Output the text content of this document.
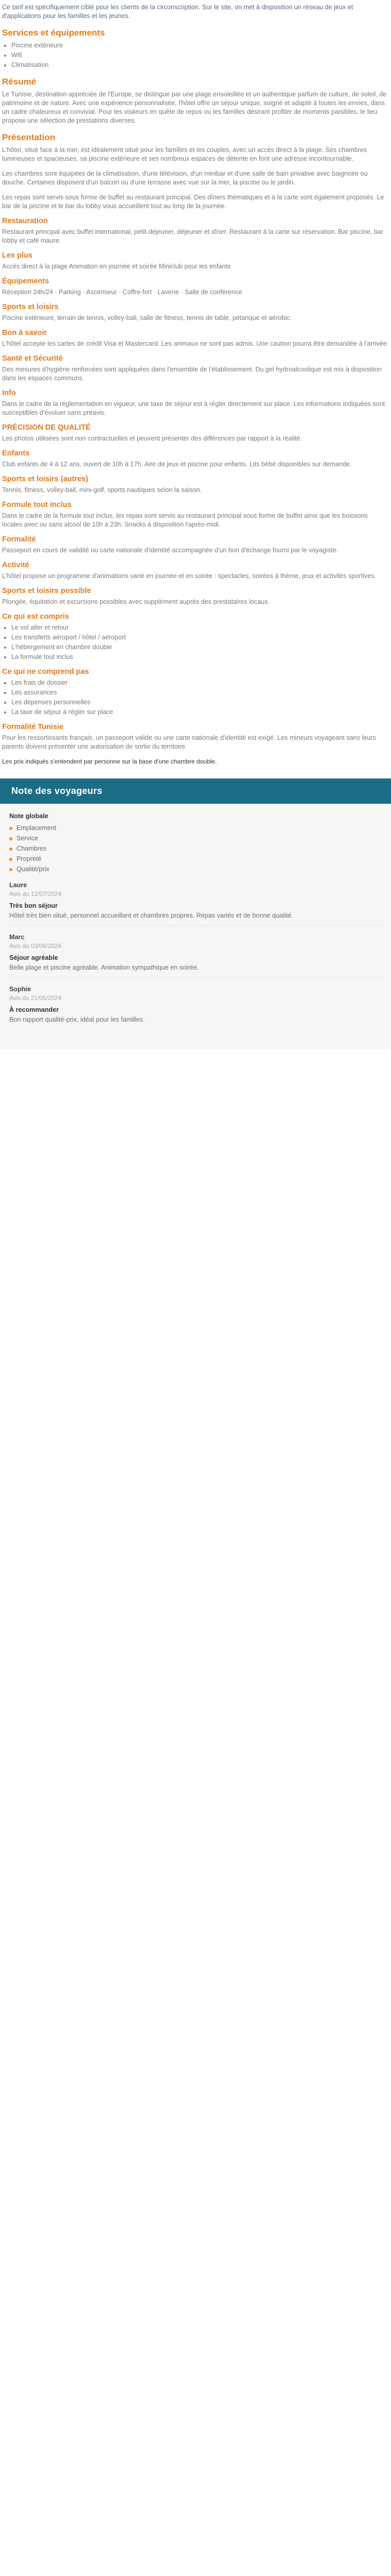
Ce tarif est spécifiquement ciblé pour les clients de la circonscription. Sur le site, on met à disposition un réseau de jeux et d'applications pour les familles et les jeunes.
Services et équipements
• Piscine extérieure
• Wifi
• Climatisation
Résumé

Le Tunisie, destination appréciée de l'Europe, se distingue par une plage ensoleillée et un authentique parfum de culture, de soleil, de patrimoine et de nature. Avec une expérience personnalisée, l'hôtel offre un séjour unique, soigné et adapté à toutes les envies, dans un cadre chaleureux et convivial. Pour les visiteurs en quête de repos ou les familles désirant profiter de moments paisibles, le lieu propose une sélection de prestations diverses.

Présentation

L'hôtel, situé face à la mer, est idéalement situé pour les familles et les couples, avec un accès direct à la plage. Ses chambres lumineuses et spacieuses, sa piscine extérieure et ses nombreux espaces de détente en font une adresse incontournable.

Les chambres sont équipées de la climatisation, d'une télévision, d'un minibar et d'une salle de bain privative avec baignoire ou douche. Certaines disposent d'un balcon ou d'une terrasse avec vue sur la mer, la piscine ou le jardin.

Les repas sont servis sous forme de buffet au restaurant principal. Des dîners thématiques et à la carte sont également proposés. Le bar de la piscine et le bar du lobby vous accueillent tout au long de la journée.

Restauration

Restaurant principal avec buffet international, petit-déjeuner, déjeuner et dîner. Restaurant à la carte sur réservation. Bar piscine, bar lobby et café maure.

Les plus

Accès direct à la plage Animation en journée et soirée Miniclub pour les enfants

Équipements

Réception 24h/24 · Parking · Ascenseur · Coffre-fort · Laverie · Salle de conférence

Sports et loisirs

Piscine extérieure, terrain de tennis, volley-ball, salle de fitness, tennis de table, pétanque et aérobic.

Bon à savoir

L'hôtel accepte les cartes de crédit Visa et Mastercard. Les animaux ne sont pas admis. Une caution pourra être demandée à l'arrivée.

Santé et Sécurité

Des mesures d'hygiène renforcées sont appliquées dans l'ensemble de l'établissement. Du gel hydroalcoolique est mis à disposition dans les espaces communs.

Info

Dans le cadre de la réglementation en vigueur, une taxe de séjour est à régler directement sur place. Les informations indiquées sont susceptibles d'évoluer sans préavis.

PRÉCISION DE QUALITÉ

Les photos utilisées sont non contractuelles et peuvent présenter des différences par rapport à la réalité.

Enfants

Club enfants de 4 à 12 ans, ouvert de 10h à 17h. Aire de jeux et piscine pour enfants. Lits bébé disponibles sur demande.

Sports et loisirs (autres)

Tennis, fitness, volley-ball, mini-golf, sports nautiques selon la saison.

Formule tout inclus

Dans le cadre de la formule tout inclus, les repas sont servis au restaurant principal sous forme de buffet ainsi que les boissons locales avec ou sans alcool de 10h à 23h. Snacks à disposition l'après-midi.

Formalité

Passeport en cours de validité ou carte nationale d'identité accompagnée d'un bon d'échange fourni par le voyagiste.

Activité

L'hôtel propose un programme d'animations varié en journée et en soirée : spectacles, soirées à thème, jeux et activités sportives.

Sports et loisirs possible

Plongée, équitation et excursions possibles avec supplément auprès des prestataires locaux.

Ce qui est compris
• Le vol aller et retour
• Les transferts aéroport / hôtel / aéroport
• L'hébergement en chambre double
• La formule tout inclus
Ce qui ne comprend pas
• Les frais de dossier
• Les assurances
• Les dépenses personnelles
• La taxe de séjour à régler sur place
Formalité Tunisie

Pour les ressortissants français, un passeport valide ou une carte nationale d'identité est exigé. Les mineurs voyageant sans leurs parents doivent présenter une autorisation de sortie du territoire.

Les prix indiqués s'entendent par personne sur la base d'une chambre double.
Note des voyageurs
Note globale
Emplacement
Service
Chambres
Propreté
Qualité/prix
Laure
Avis du 12/07/2024
Très bon séjour

Hôtel très bien situé, personnel accueillant et chambres propres. Repas variés et de bonne qualité.

Marc
Avis du 03/06/2024
Séjour agréable

Belle plage et piscine agréable. Animation sympathique en soirée.

Sophie
Avis du 21/05/2024
À recommander

Bon rapport qualité-prix, idéal pour les familles.
